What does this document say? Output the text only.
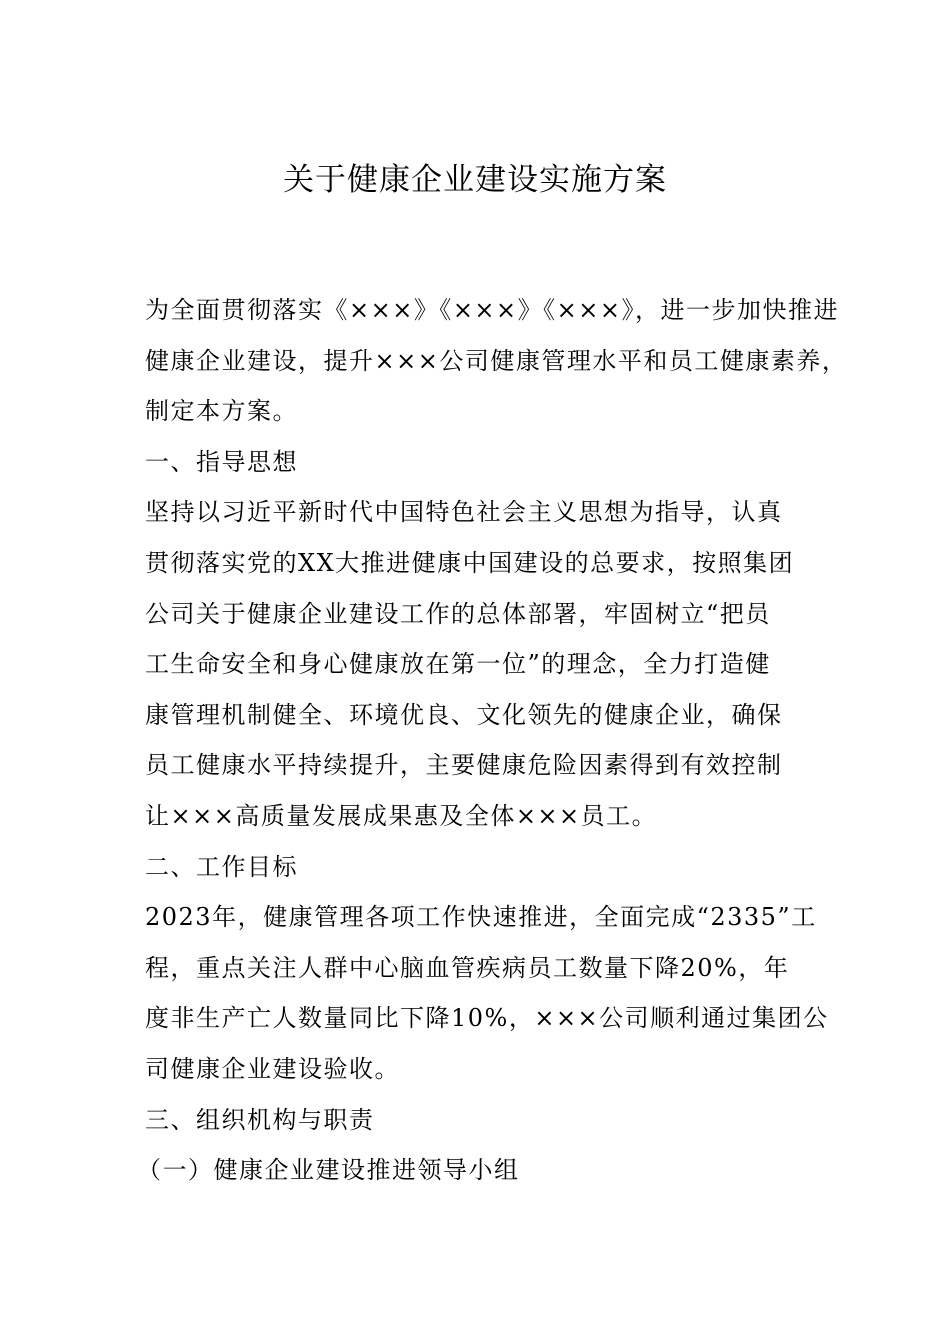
关于健康企业建设实施方案

为全面贯彻落实《×××》《×××》《×××》，进一步加快推进

健康企业建设，提升×××公司健康管理水平和员工健康素养，

制定本方案。

一、指导思想

坚持以习近平新时代中国特色社会主义思想为指导，认真

贯彻落实党的XX大推进健康中国建设的总要求，按照集团

公司关于健康企业建设工作的总体部署，牢固树立“把员

工生命安全和身心健康放在第一位”的理念，全力打造健

康管理机制健全、环境优良、文化领先的健康企业，确保

员工健康水平持续提升，主要健康危险因素得到有效控制

让×××高质量发展成果惠及全体×××员工。

二、工作目标

2023年，健康管理各项工作快速推进，全面完成“2335”工

程，重点关注人群中心脑血管疾病员工数量下降20%，年

度非生产亡人数量同比下降10%，×××公司顺利通过集团公

司健康企业建设验收。

三、组织机构与职责

（一）健康企业建设推进领导小组
